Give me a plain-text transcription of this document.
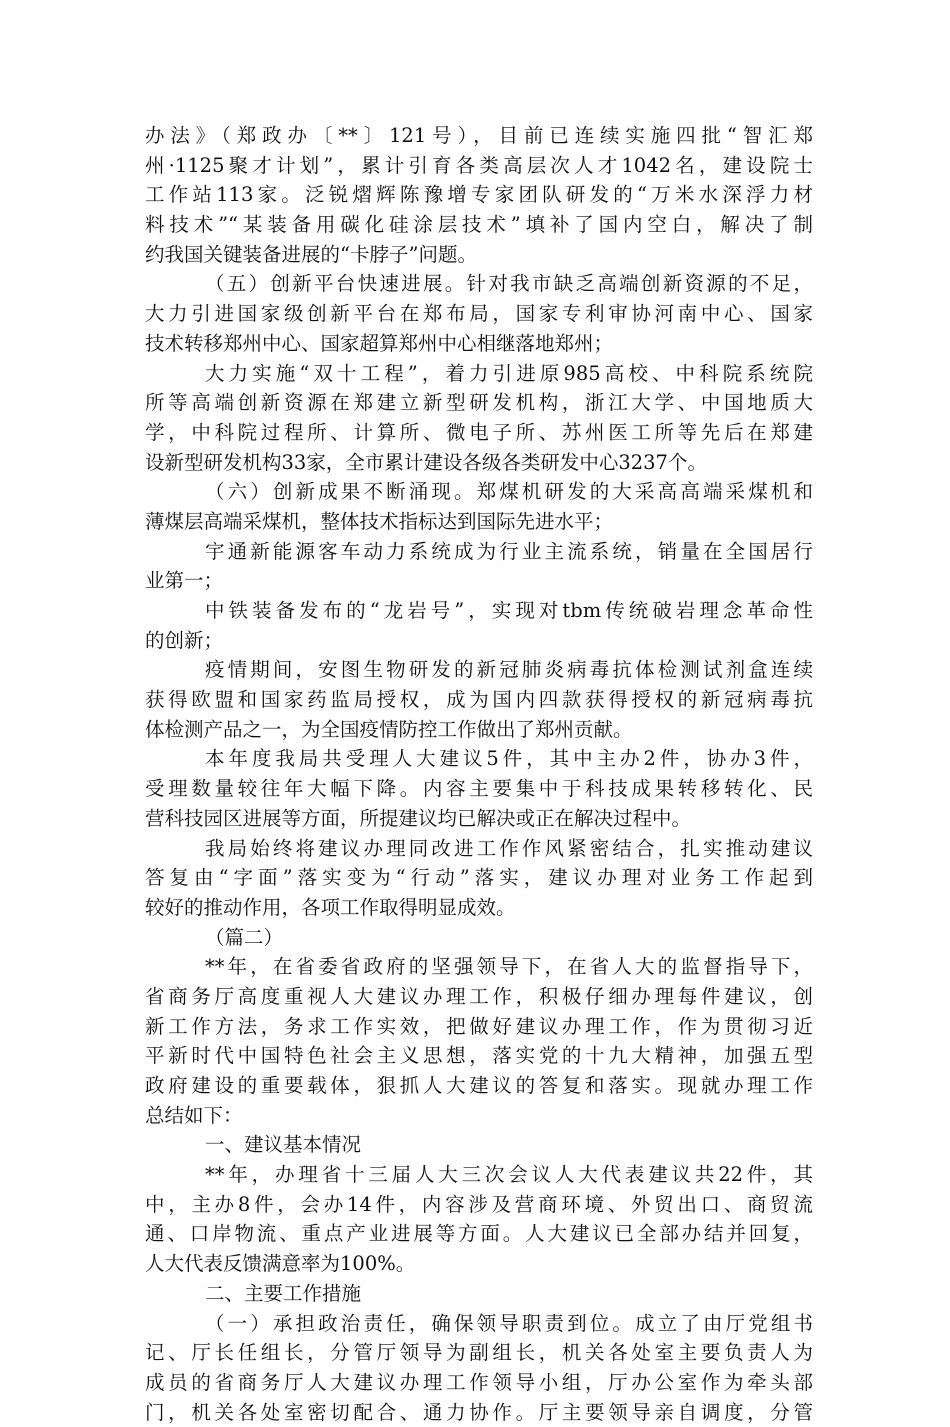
办法》（郑政办〔**〕121号），目前已连续实施四批“智汇郑
州·1125聚才计划”，累计引育各类高层次人才1042名，建设院士
工作站113家。泛锐熠辉陈豫增专家团队研发的“万米水深浮力材
料技术”“某装备用碳化硅涂层技术”填补了国内空白，解决了制
约我国关键装备进展的“卡脖子”问题。
（五）创新平台快速进展。针对我市缺乏高端创新资源的不足，
大力引进国家级创新平台在郑布局，国家专利审协河南中心、国家
技术转移郑州中心、国家超算郑州中心相继落地郑州；
大力实施“双十工程”，着力引进原985高校、中科院系统院
所等高端创新资源在郑建立新型研发机构，浙江大学、中国地质大
学，中科院过程所、计算所、微电子所、苏州医工所等先后在郑建
设新型研发机构33家，全市累计建设各级各类研发中心3237个。
（六）创新成果不断涌现。郑煤机研发的大采高高端采煤机和
薄煤层高端采煤机，整体技术指标达到国际先进水平；
宇通新能源客车动力系统成为行业主流系统，销量在全国居行
业第一；
中铁装备发布的“龙岩号”，实现对tbm传统破岩理念革命性
的创新；
疫情期间，安图生物研发的新冠肺炎病毒抗体检测试剂盒连续
获得欧盟和国家药监局授权，成为国内四款获得授权的新冠病毒抗
体检测产品之一，为全国疫情防控工作做出了郑州贡献。
本年度我局共受理人大建议5件，其中主办2件，协办3件，
受理数量较往年大幅下降。内容主要集中于科技成果转移转化、民
营科技园区进展等方面，所提建议均已解决或正在解决过程中。
我局始终将建议办理同改进工作作风紧密结合，扎实推动建议
答复由“字面”落实变为“行动”落实，建议办理对业务工作起到
较好的推动作用，各项工作取得明显成效。
（篇二）
**年，在省委省政府的坚强领导下，在省人大的监督指导下，
省商务厅高度重视人大建议办理工作，积极仔细办理每件建议，创
新工作方法，务求工作实效，把做好建议办理工作，作为贯彻习近
平新时代中国特色社会主义思想，落实党的十九大精神，加强五型
政府建设的重要载体，狠抓人大建议的答复和落实。现就办理工作
总结如下：
一、建议基本情况
**年，办理省十三届人大三次会议人大代表建议共22件，其
中，主办8件，会办14件，内容涉及营商环境、外贸出口、商贸流
通、口岸物流、重点产业进展等方面。人大建议已全部办结并回复，
人大代表反馈满意率为100%。
二、主要工作措施
（一）承担政治责任，确保领导职责到位。成立了由厅党组书
记、厅长任组长，分管厅领导为副组长，机关各处室主要负责人为
成员的省商务厅人大建议办理工作领导小组，厅办公室作为牵头部
门，机关各处室密切配合、通力协作。厅主要领导亲自调度，分管
